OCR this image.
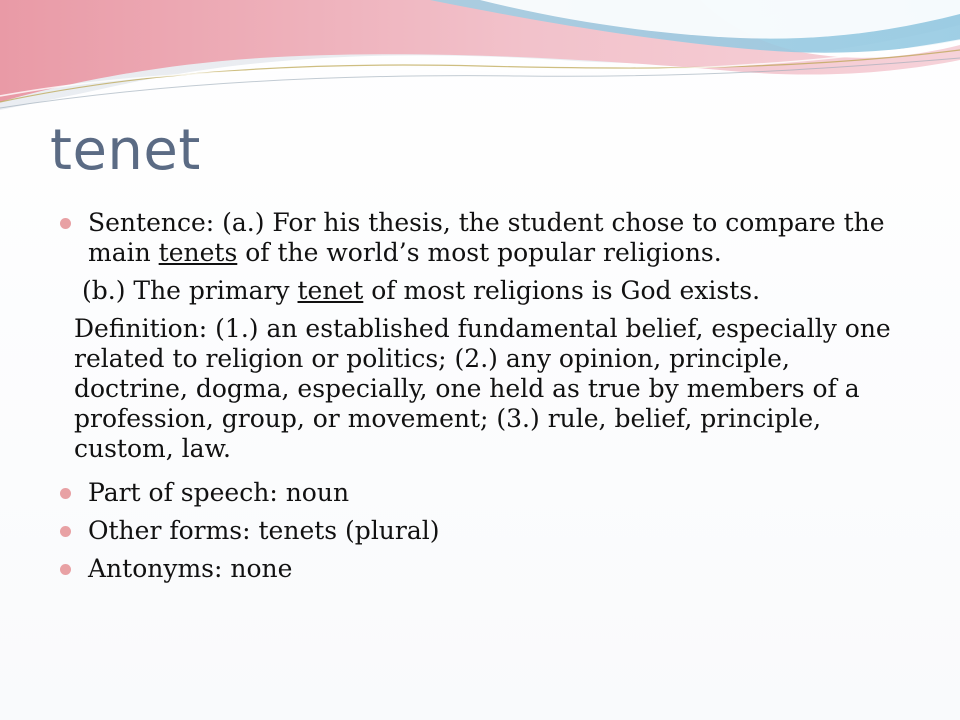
tenet

Sentence: (a.) For his thesis, the student chose to compare the main tenets of the world’s most popular religions.

(b.) The primary tenet of most religions is God exists.

Definition: (1.) an established fundamental belief, especially one related to religion or politics; (2.) any opinion, principle, doctrine, dogma, especially, one held as true by members of a profession, group, or movement; (3.) rule, belief, principle, custom, law.

Part of speech: noun

Other forms: tenets (plural)

Antonyms: none
